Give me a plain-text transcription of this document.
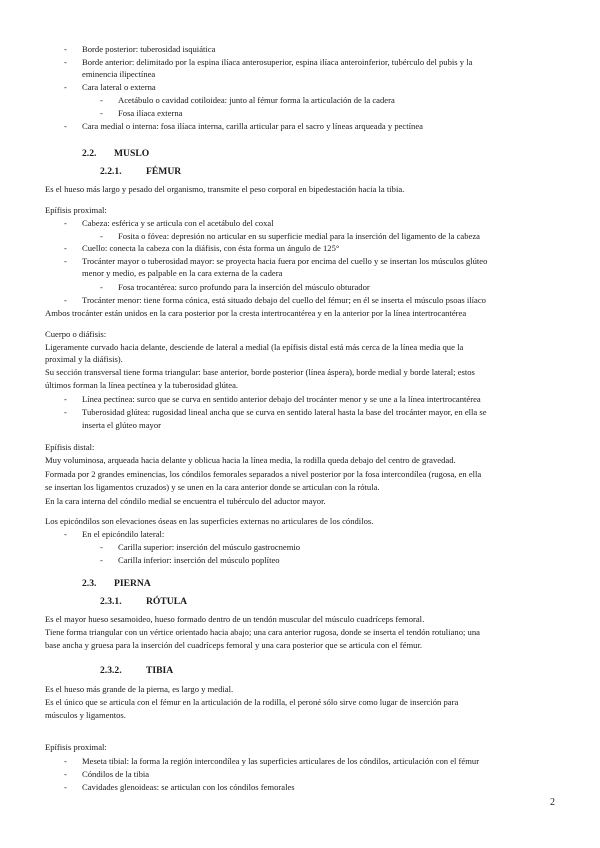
- Borde posterior: tuberosidad isquiática
- Borde anterior: delimitado por la espina ilíaca anterosuperior, espina ilíaca anteroinferior, tubérculo del pubis y la
eminencia ilipectínea
- Cara lateral o externa
- Acetábulo o cavidad cotiloidea: junto al fémur forma la articulación de la cadera
- Fosa ilíaca externa
- Cara medial o interna: fosa ilíaca interna, carilla articular para el sacro y líneas arqueada y pectínea
2.2. MUSLO
2.2.1.	FÉMUR
Es el hueso más largo y pesado del organismo, transmite el peso corporal en bipedestación hacia la tibia.
Epífisis proximal:
- Cabeza: esférica y se articula con el acetábulo del coxal
- Fosita o fóvea: depresión no articular en su superficie medial para la inserción del ligamento de la cabeza
- Cuello: conecta la cabeza con la diáfisis, con ésta forma un ángulo de 125°
- Trocánter mayor o tuberosidad mayor: se proyecta hacia fuera por encima del cuello y se insertan los músculos glúteo
menor y medio, es palpable en la cara externa de la cadera
- Fosa trocantérea: surco profundo para la inserción del músculo obturador
- Trocánter menor: tiene forma cónica, está situado debajo del cuello del fémur; en él se inserta el músculo psoas ilíaco
Ambos trocánter están unidos en la cara posterior por la cresta intertrocantérea y en la anterior por la línea intertrocantérea
Cuerpo o diáfisis:
Ligeramente curvado hacia delante, desciende de lateral a medial (la epífisis distal está más cerca de la línea media que la
proximal y la diáfisis).
Su sección transversal tiene forma triangular: base anterior, borde posterior (línea áspera), borde medial y borde lateral; estos
últimos forman la línea pectínea y la tuberosidad glútea.
- Línea pectínea: surco que se curva en sentido anterior debajo del trocánter menor y se une a la línea intertrocantérea
- Tuberosidad glútea: rugosidad lineal ancha que se curva en sentido lateral hasta la base del trocánter mayor, en ella se
inserta el glúteo mayor
Epífisis distal:
Muy voluminosa, arqueada hacia delante y oblicua hacia la línea media, la rodilla queda debajo del centro de gravedad.
Formada por 2 grandes eminencias, los cóndilos femorales separados a nivel posterior por la fosa intercondílea (rugosa, en ella
se insertan los ligamentos cruzados) y se unen en la cara anterior donde se articulan con la rótula.
En la cara interna del cóndilo medial se encuentra el tubérculo del aductor mayor.
Los epicóndilos son elevaciones óseas en las superficies externas no articulares de los cóndilos.
- En el epicóndilo lateral:
- Carilla superior: inserción del músculo gastrocnemio
- Carilla inferior: inserción del músculo poplíteo
2.3. PIERNA
2.3.1.	RÓTULA
Es el mayor hueso sesamoideo, hueso formado dentro de un tendón muscular del músculo cuadríceps femoral.
Tiene forma triangular con un vértice orientado hacia abajo; una cara anterior rugosa, donde se inserta el tendón rotuliano; una
base ancha y gruesa para la inserción del cuadríceps femoral y una cara posterior que se articula con el fémur.
2.3.2.	TIBIA
Es el hueso más grande de la pierna, es largo y medial.
Es el único que se articula con el fémur en la articulación de la rodilla, el peroné sólo sirve como lugar de inserción para
músculos y ligamentos.
Epífisis proximal:
- Meseta tibial: la forma la región intercondílea y las superficies articulares de los cóndilos, articulación con el fémur
- Cóndilos de la tibia
- Cavidades glenoideas: se articulan con los cóndilos femorales
2
